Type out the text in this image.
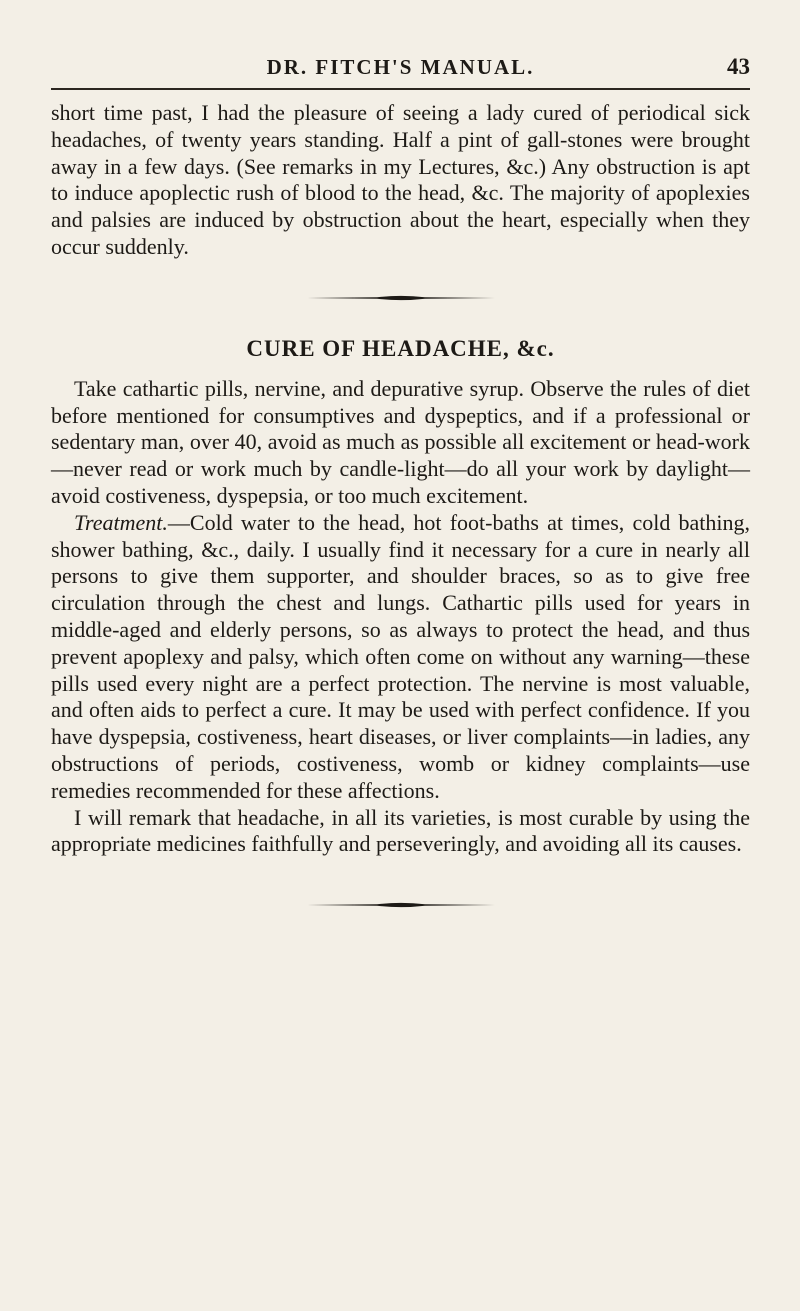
DR. FITCH'S MANUAL.	43

short time past, I had the pleasure of seeing a lady cured of periodical sick headaches, of twenty years standing. Half a pint of gall-stones were brought away in a few days. (See remarks in my Lectures, &c.) Any obstruction is apt to induce apoplectic rush of blood to the head, &c. The majority of apoplexies and palsies are induced by obstruction about the heart, especially when they occur suddenly.

CURE OF HEADACHE, &c.

Take cathartic pills, nervine, and depurative syrup. Observe the rules of diet before mentioned for consumptives and dyspeptics, and if a professional or sedentary man, over 40, avoid as much as possible all excitement or head-work—never read or work much by candle-light—do all your work by daylight—avoid costiveness, dyspepsia, or too much excitement.

Treatment.—Cold water to the head, hot foot-baths at times, cold bathing, shower bathing, &c., daily. I usually find it necessary for a cure in nearly all persons to give them supporter, and shoulder braces, so as to give free circulation through the chest and lungs. Cathartic pills used for years in middle-aged and elderly persons, so as always to protect the head, and thus prevent apoplexy and palsy, which often come on without any warning—these pills used every night are a perfect protection. The nervine is most valuable, and often aids to perfect a cure. It may be used with perfect confidence. If you have dyspepsia, costiveness, heart diseases, or liver complaints—in ladies, any obstructions of periods, costiveness, womb or kidney complaints—use remedies recommended for these affections.

I will remark that headache, in all its varieties, is most curable by using the appropriate medicines faithfully and perseveringly, and avoiding all its causes.
